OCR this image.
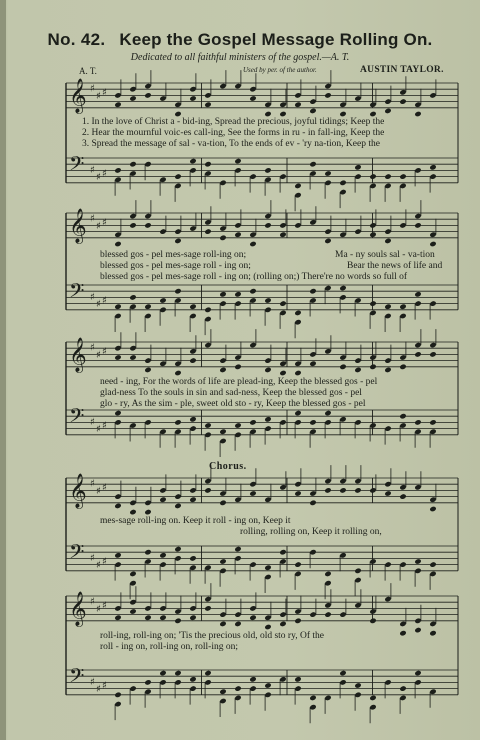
No. 42. Keep the Gospel Message Rolling On.
Dedicated to all faithful ministers of the gospel.—A. T.
A. T.	Used by per. of the author.	AUSTIN TAYLOR.
𝄞 ♯
♯ ♯
𝄢 ♯
♯ ♯
𝄞 ♯
♯ ♯
𝄢 ♯
♯ ♯
𝄞 ♯
♯ ♯
𝄢 ♯
♯ ♯
𝄞 ♯
♯ ♯
𝄢 ♯
♯ ♯
𝄞 ♯
♯ ♯
𝄢 ♯
♯ ♯
1. In the love of Christ a - bid-ing, Spread the precious, joyful tidings; Keep the
2. Hear the mournful voic-es call-ing, See the forms in ru - in fall-ing, Keep the
3. Spread the message of sal - va-tion, To the ends of ev - 'ry na-tion, Keep the
blessed gos - pel mes-sage roll-ing on;
blessed gos - pel mes-sage roll - ing on;
blessed gos - pel mes-sage roll - ing on; (rolling on;) There're no words so full of
Ma - ny souls sal - va-tion
Bear the news of life and
need - ing, For the words of life are plead-ing, Keep the blessed gos - pel
glad-ness To the souls in sin and sad-ness, Keep the blessed gos - pel
glo - ry, As the sim - ple, sweet old sto - ry, Keep the blessed gos - pel
Chorus.
mes-sage roll-ing on. Keep it roll - ing on, Keep it
rolling, rolling on, Keep it rolling on,
roll-ing, roll-ing on; 'Tis the precious old, old sto ry, Of the
roll - ing on, roll-ing on, roll-ing on;
